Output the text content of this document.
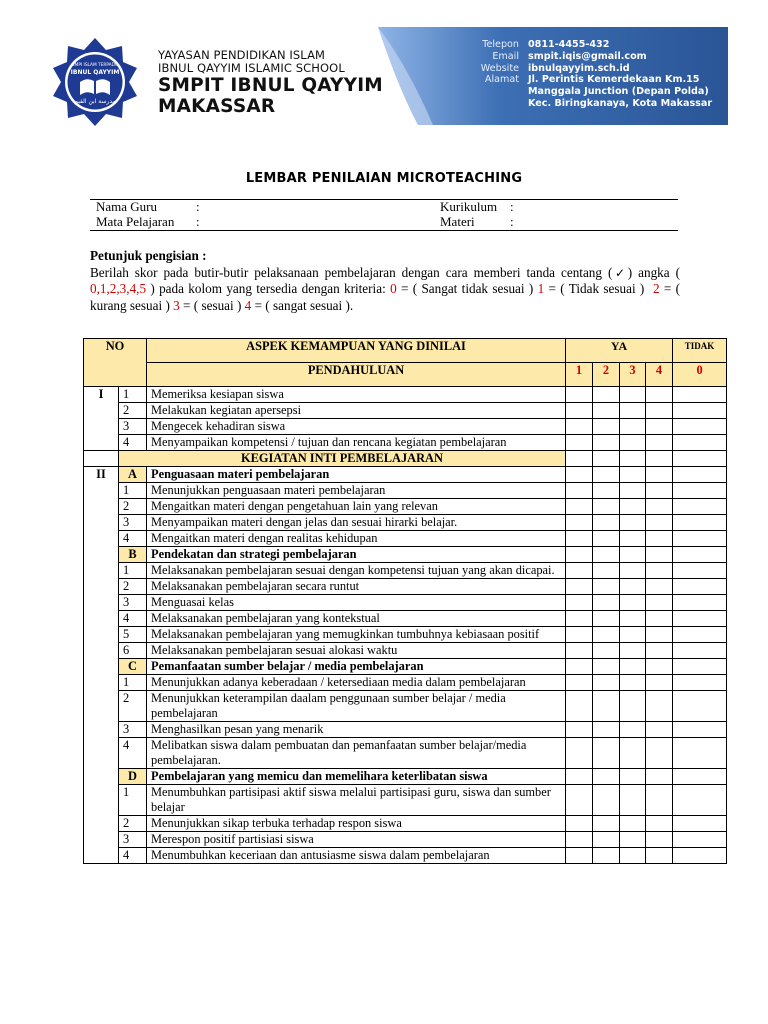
SMPI ISLAM TERPADU
IBNUL QAYYIM
مدرسة ابن القيم
YAYASAN PENDIDIKAN ISLAM
IBNUL QAYYIM ISLAMIC SCHOOL
SMPIT IBNUL QAYYIM
MAKASSAR
Telepon 0811-4455-432
Email smpit.iqis@gmail.com
Website ibnulqayyim.sch.id
Alamat Jl. Perintis Kemerdekaan Km.15
Manggala Junction (Depan Polda)
Kec. Biringkanaya, Kota Makassar
LEMBAR PENILAIAN MICROTEACHING
Nama Guru	:
Mata Pelajaran :
Kurikulum :
Materi	:
Petunjuk pengisian :

Berilah skor pada butir-butir pelaksanaan pembelajaran dengan cara memberi tanda centang (✓) angka ( 0,1,2,3,4,5 ) pada kolom yang tersedia dengan kriteria: 0 = ( Sangat tidak sesuai ) 1 = ( Tidak sesuai ) 2 = ( kurang sesuai ) 3 = ( sesuai ) 4 = ( sangat sesuai ).

NO		ASPEK KEMAMPUAN YANG DINILAI	YA				TIDAK
		PENDAHULUAN	1	2	3	4	0
I	1	Memeriksa kesiapan siswa					
	2	Melakukan kegiatan apersepsi					
	3	Mengecek kehadiran siswa					
	4	Menyampaikan kompetensi / tujuan dan rencana kegiatan pembelajaran					
	KEGIATAN INTI PEMBELAJARAN						
II	A	Penguasaan materi pembelajaran					
	1	Menunjukkan penguasaan materi pembelajaran					
	2	Mengaitkan materi dengan pengetahuan lain yang relevan					
	3	Menyampaikan materi dengan jelas dan sesuai hirarki belajar.					
	4	Mengaitkan materi dengan realitas kehidupan					
	B	Pendekatan dan strategi pembelajaran					
	1	Melaksanakan pembelajaran sesuai dengan kompetensi tujuan yang akan dicapai.					
	2	Melaksanakan pembelajaran secara runtut					
	3	Menguasai kelas					
	4	Melaksanakan pembelajaran yang kontekstual					
	5	Melaksanakan pembelajaran yang memugkinkan tumbuhnya kebiasaan positif					
	6	Melaksanakan pembelajaran sesuai alokasi waktu					
	C	Pemanfaatan sumber belajar / media pembelajaran					
	1	Menunjukkan adanya keberadaan / ketersediaan media dalam pembelajaran					
	2	Menunjukkan keterampilan daalam penggunaan sumber belajar / media pembelajaran					
	3	Menghasilkan pesan yang menarik					
	4	Melibatkan siswa dalam pembuatan dan pemanfaatan sumber belajar/media pembelajaran.					
	D	Pembelajaran yang memicu dan memelihara keterlibatan siswa					
	1	Menumbuhkan partisipasi aktif siswa melalui partisipasi guru, siswa dan sumber belajar					
	2	Menunjukkan sikap terbuka terhadap respon siswa					
	3	Merespon positif partisiasi siswa					
	4	Menumbuhkan keceriaan dan antusiasme siswa dalam pembelajaran					
